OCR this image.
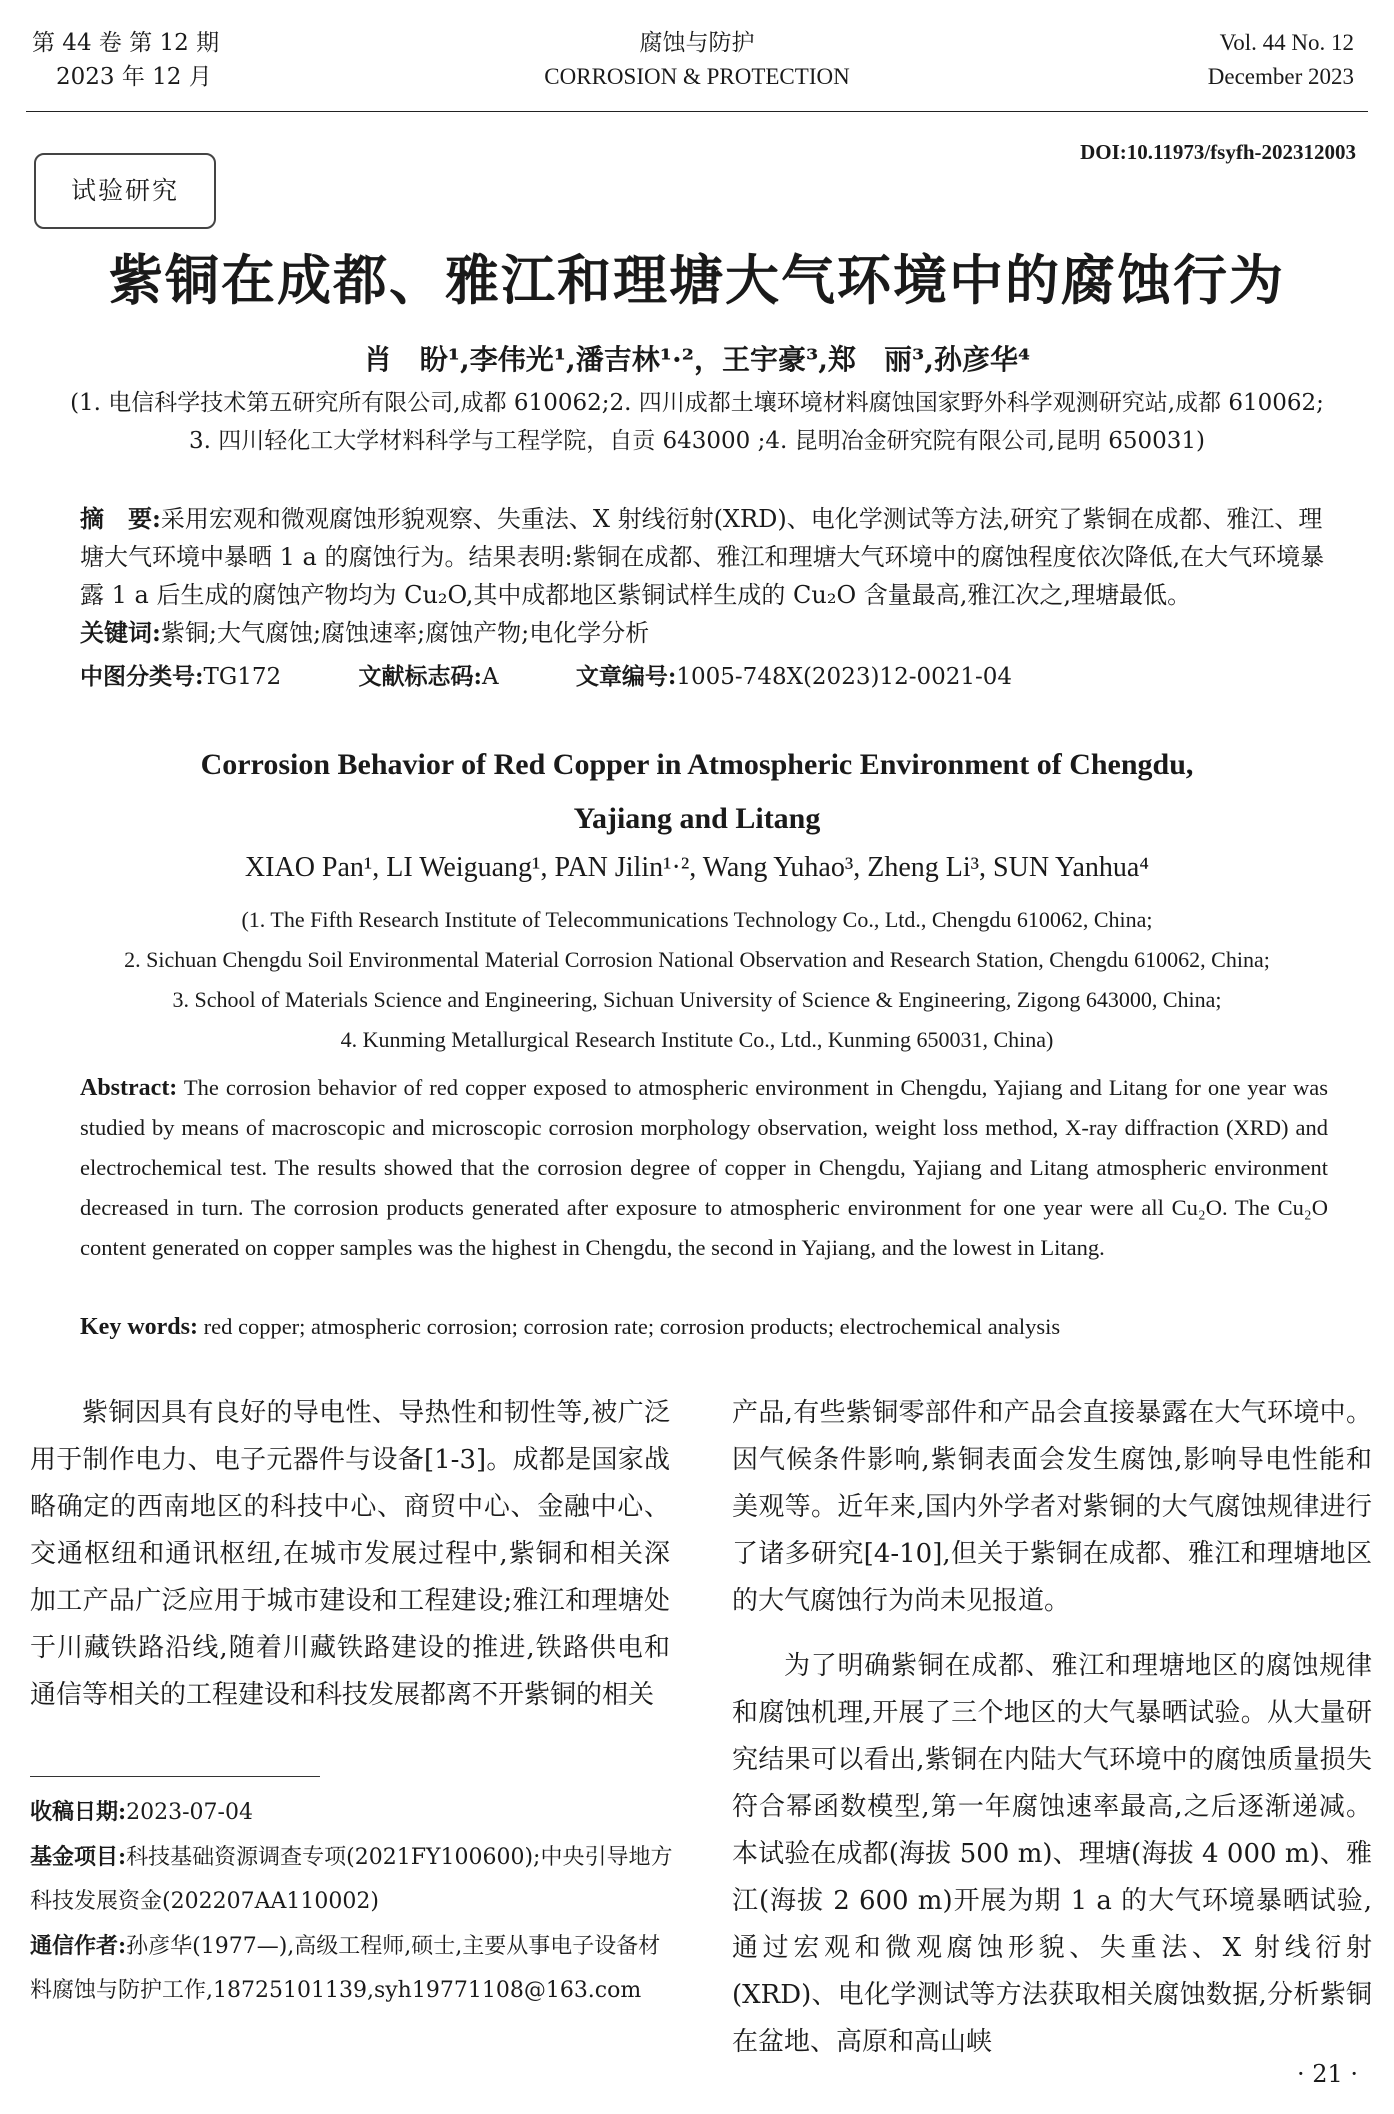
第 44 卷 第 12 期
2023 年 12 月
腐蚀与防护
CORROSION & PROTECTION
Vol. 44 No. 12
December 2023
DOI:10.11973/fsyfh-202312003
试验研究
紫铜在成都、雅江和理塘大气环境中的腐蚀行为
肖　盼¹,李伟光¹,潘吉林¹·²，王宇豪³,郑　丽³,孙彦华⁴
(1. 电信科学技术第五研究所有限公司,成都 610062;2. 四川成都土壤环境材料腐蚀国家野外科学观测研究站,成都 610062;
3. 四川轻化工大学材料科学与工程学院，自贡 643000 ;4. 昆明冶金研究院有限公司,昆明 650031)
摘　要:采用宏观和微观腐蚀形貌观察、失重法、X 射线衍射(XRD)、电化学测试等方法,研究了紫铜在成都、雅江、理塘大气环境中暴晒 1 a 的腐蚀行为。结果表明:紫铜在成都、雅江和理塘大气环境中的腐蚀程度依次降低,在大气环境暴露 1 a 后生成的腐蚀产物均为 Cu₂O,其中成都地区紫铜试样生成的 Cu₂O 含量最高,雅江次之,理塘最低。
关键词:紫铜;大气腐蚀;腐蚀速率;腐蚀产物;电化学分析
中图分类号:TG172	文献标志码:A	文章编号:1005-748X(2023)12-0021-04
Corrosion Behavior of Red Copper in Atmospheric Environment of Chengdu,
Yajiang and Litang
XIAO Pan¹, LI Weiguang¹, PAN Jilin¹·², Wang Yuhao³, Zheng Li³, SUN Yanhua⁴
(1. The Fifth Research Institute of Telecommunications Technology Co., Ltd., Chengdu 610062, China;
2. Sichuan Chengdu Soil Environmental Material Corrosion National Observation and Research Station, Chengdu 610062, China;
3. School of Materials Science and Engineering, Sichuan University of Science & Engineering, Zigong 643000, China;
4. Kunming Metallurgical Research Institute Co., Ltd., Kunming 650031, China)
Abstract: The corrosion behavior of red copper exposed to atmospheric environment in Chengdu, Yajiang and Litang for one year was studied by means of macroscopic and microscopic corrosion morphology observation, weight loss method, X-ray diffraction (XRD) and electrochemical test. The results showed that the corrosion degree of copper in Chengdu, Yajiang and Litang atmospheric environment decreased in turn. The corrosion products generated after exposure to atmospheric environment for one year were all Cu₂O. The Cu₂O content generated on copper samples was the highest in Chengdu, the second in Yajiang, and the lowest in Litang.
Key words: red copper; atmospheric corrosion; corrosion rate; corrosion products; electrochemical analysis

紫铜因具有良好的导电性、导热性和韧性等,被广泛用于制作电力、电子元器件与设备[1-3]。成都是国家战略确定的西南地区的科技中心、商贸中心、金融中心、交通枢纽和通讯枢纽,在城市发展过程中,紫铜和相关深加工产品广泛应用于城市建设和工程建设;雅江和理塘处于川藏铁路沿线,随着川藏铁路建设的推进,铁路供电和通信等相关的工程建设和科技发展都离不开紫铜的相关

产品,有些紫铜零部件和产品会直接暴露在大气环境中。因气候条件影响,紫铜表面会发生腐蚀,影响导电性能和美观等。近年来,国内外学者对紫铜的大气腐蚀规律进行了诸多研究[4-10],但关于紫铜在成都、雅江和理塘地区的大气腐蚀行为尚未见报道。

为了明确紫铜在成都、雅江和理塘地区的腐蚀规律和腐蚀机理,开展了三个地区的大气暴晒试验。从大量研究结果可以看出,紫铜在内陆大气环境中的腐蚀质量损失符合幂函数模型,第一年腐蚀速率最高,之后逐渐递减。本试验在成都(海拔 500 m)、理塘(海拔 4 000 m)、雅江(海拔 2 600 m)开展为期 1 a 的大气环境暴晒试验,通过宏观和微观腐蚀形貌、失重法、X 射线衍射(XRD)、电化学测试等方法获取相关腐蚀数据,分析紫铜在盆地、高原和高山峡

收稿日期:2023-07-04
基金项目:科技基础资源调查专项(2021FY100600);中央引导地方科技发展资金(202207AA110002)
通信作者:孙彦华(1977—),高级工程师,硕士,主要从事电子设备材料腐蚀与防护工作,18725101139,syh19771108@163.com
· 21 ·
